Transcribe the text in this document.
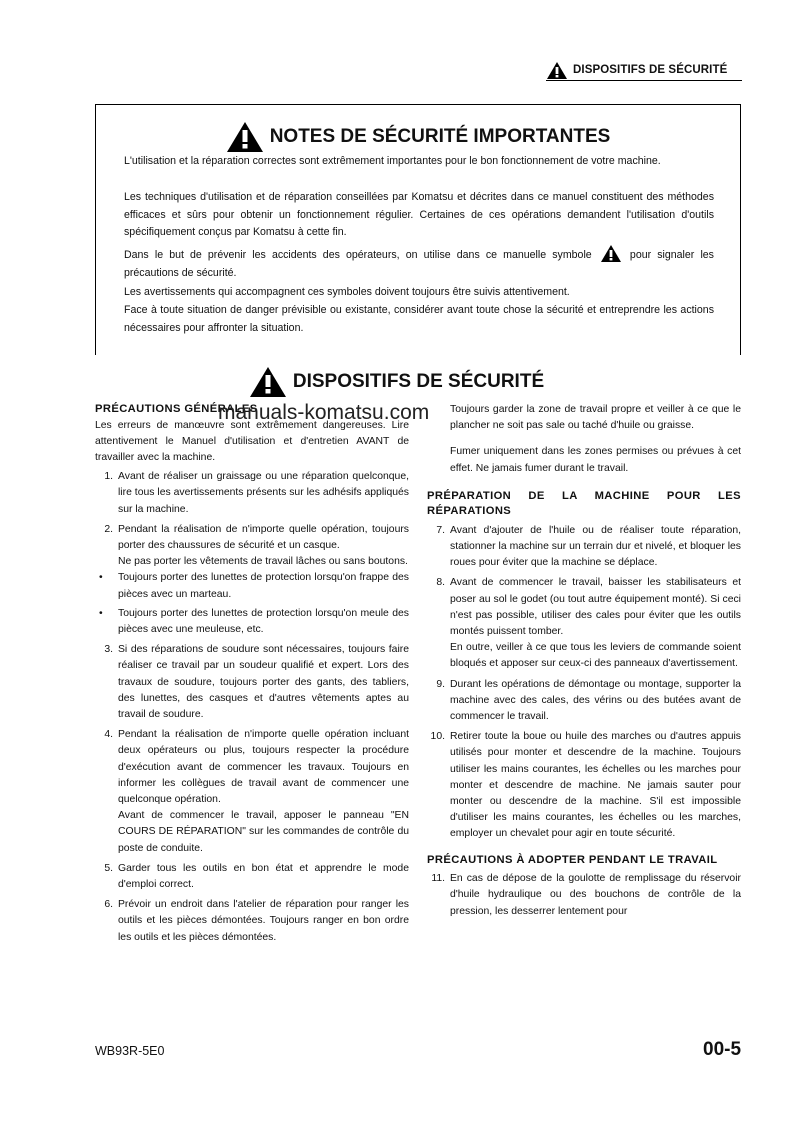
DISPOSITIFS DE SÉCURITÉ
NOTES DE SÉCURITÉ IMPORTANTES

L'utilisation et la réparation correctes sont extrêmement importantes pour le bon fonctionnement de votre machine.

Les techniques d'utilisation et de réparation conseillées par Komatsu et décrites dans ce manuel constituent des méthodes efficaces et sûrs pour obtenir un fonctionnement régulier. Certaines de ces opérations demandent l'utilisation d'outils spécifiquement conçus par Komatsu à cette fin.

Dans le but de prévenir les accidents des opérateurs, on utilise dans ce manuelle symbole	pour signaler les précautions de sécurité.

Les avertissements qui accompagnent ces symboles doivent toujours être suivis attentivement.

Face à toute situation de danger prévisible ou existante, considérer avant toute chose la sécurité et entreprendre les actions nécessaires pour affronter la situation.

DISPOSITIFS DE SÉCURITÉ

PRÉCAUTIONS GÉNÉRALES

Les erreurs de manœuvre sont extrêmement dangereuses. Lire attentivement le Manuel d'utilisation et d'entretien AVANT de travailler avec la machine.

1. Avant de réaliser un graissage ou une réparation quelconque, lire tous les avertissements présents sur les adhésifs appliqués sur la machine.
2. Pendant la réalisation de n'importe quelle opération, toujours porter des chaussures de sécurité et un casque.
Ne pas porter les vêtements de travail lâches ou sans boutons.
• Toujours porter des lunettes de protection lorsqu'on frappe des pièces avec un marteau.
• Toujours porter des lunettes de protection lorsqu'on meule des pièces avec une meuleuse, etc.
3. Si des réparations de soudure sont nécessaires, toujours faire réaliser ce travail par un soudeur qualifié et expert. Lors des travaux de soudure, toujours porter des gants, des tabliers, des lunettes, des casques et d'autres vêtements aptes au travail de soudure.
4. Pendant la réalisation de n'importe quelle opération incluant deux opérateurs ou plus, toujours respecter la procédure d'exécution avant de commencer les travaux. Toujours en informer les collègues de travail avant de commencer une quelconque opération.
Avant de commencer le travail, apposer le panneau "EN COURS DE RÉPARATION" sur les commandes de contrôle du poste de conduite.
5. Garder tous les outils en bon état et apprendre le mode d'emploi correct.
6. Prévoir un endroit dans l'atelier de réparation pour ranger les outils et les pièces démontées. Toujours ranger en bon ordre les outils et les pièces démontées.

Toujours garder la zone de travail propre et veiller à ce que le plancher ne soit pas sale ou taché d'huile ou graisse.

Fumer uniquement dans les zones permises ou prévues à cet effet. Ne jamais fumer durant le travail.

PRÉPARATION DE LA MACHINE POUR LES RÉPARATIONS

7. Avant d'ajouter de l'huile ou de réaliser toute réparation, stationner la machine sur un terrain dur et nivelé, et bloquer les roues pour éviter que la machine se déplace.
8. Avant de commencer le travail, baisser les stabilisateurs et poser au sol le godet (ou tout autre équipement monté). Si ceci n'est pas possible, utiliser des cales pour éviter que les outils montés puissent tomber.
En outre, veiller à ce que tous les leviers de commande soient bloqués et apposer sur ceux-ci des panneaux d'avertissement.
9. Durant les opérations de démontage ou montage, supporter la machine avec des cales, des vérins ou des butées avant de commencer le travail.
10. Retirer toute la boue ou huile des marches ou d'autres appuis utilisés pour monter et descendre de la machine. Toujours utiliser les mains courantes, les échelles ou les marches pour monter et descendre de machine. Ne jamais sauter pour monter ou descendre de la machine. S'il est impossible d'utiliser les mains courantes, les échelles ou les marches, employer un chevalet pour agir en toute sécurité.

PRÉCAUTIONS À ADOPTER PENDANT LE TRAVAIL

11. En cas de dépose de la goulotte de remplissage du réservoir d'huile hydraulique ou des bouchons de contrôle de la pression, les desserrer lentement pour
manuals-komatsu.com
WB93R-5E0	00-5
